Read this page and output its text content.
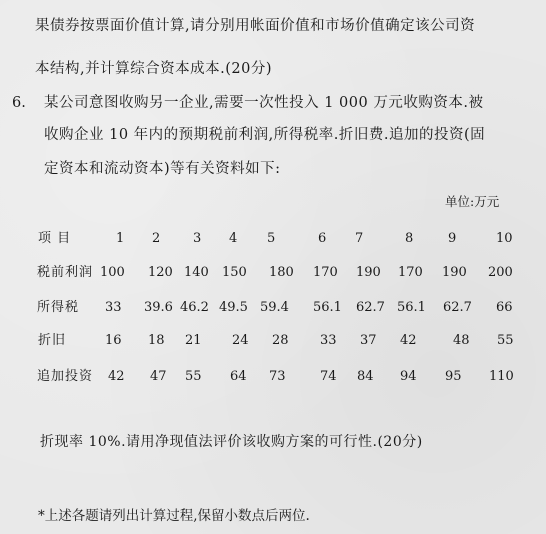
果债券按票面价值计算,请分别用帐面价值和市场价值确定该公司资
本结构,并计算综合资本成本.(20分)
6. 某公司意图收购另一企业,需要一次性投入 1 000 万元收购资本.被
收购企业 10 年内的预期税前利润,所得税率.折旧费.追加的投资(固
定资本和流动资本)等有关资料如下:
单位:万元
项 目	1 2	3 4 5	6 7	8	9	10
税前利润 100 120 140 150 180 170 190 170 190 200
所得税 33 39.6 46.2 49.5 59.4 56.1 62.7 56.1 62.7 66
折旧	16 18 21 24 28 33 37 42	48 55
追加投资 42 47 55 64 73	74 84 94 95 110
折现率 10%.请用净现值法评价该收购方案的可行性.(20分)
*上述各题请列出计算过程,保留小数点后两位.
